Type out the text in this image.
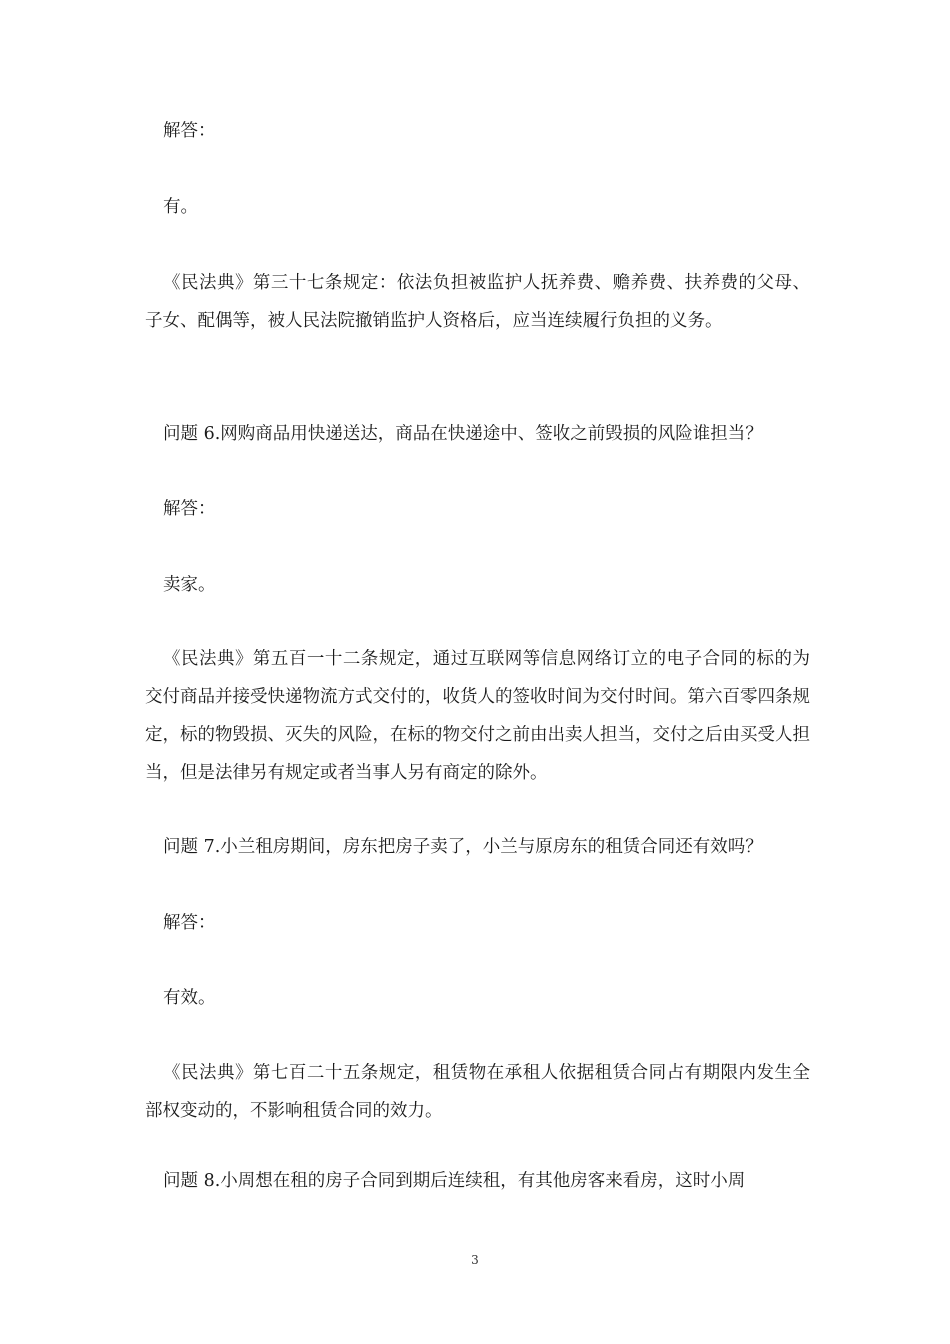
解答：

有。

《民法典》第三十七条规定：依法负担被监护人抚养费、赡养费、扶养费的父母、子女、配偶等，被人民法院撤销监护人资格后，应当连续履行负担的义务。

问题 6.网购商品用快递送达，商品在快递途中、签收之前毁损的风险谁担当？

解答：

卖家。

《民法典》第五百一十二条规定，通过互联网等信息网络订立的电子合同的标的为交付商品并接受快递物流方式交付的，收货人的签收时间为交付时间。第六百零四条规定，标的物毁损、灭失的风险，在标的物交付之前由出卖人担当，交付之后由买受人担当，但是法律另有规定或者当事人另有商定的除外。

问题 7.小兰租房期间，房东把房子卖了，小兰与原房东的租赁合同还有效吗？

解答：

有效。

《民法典》第七百二十五条规定，租赁物在承租人依据租赁合同占有期限内发生全部权变动的，不影响租赁合同的效力。

问题 8.小周想在租的房子合同到期后连续租，有其他房客来看房，这时小周

3
